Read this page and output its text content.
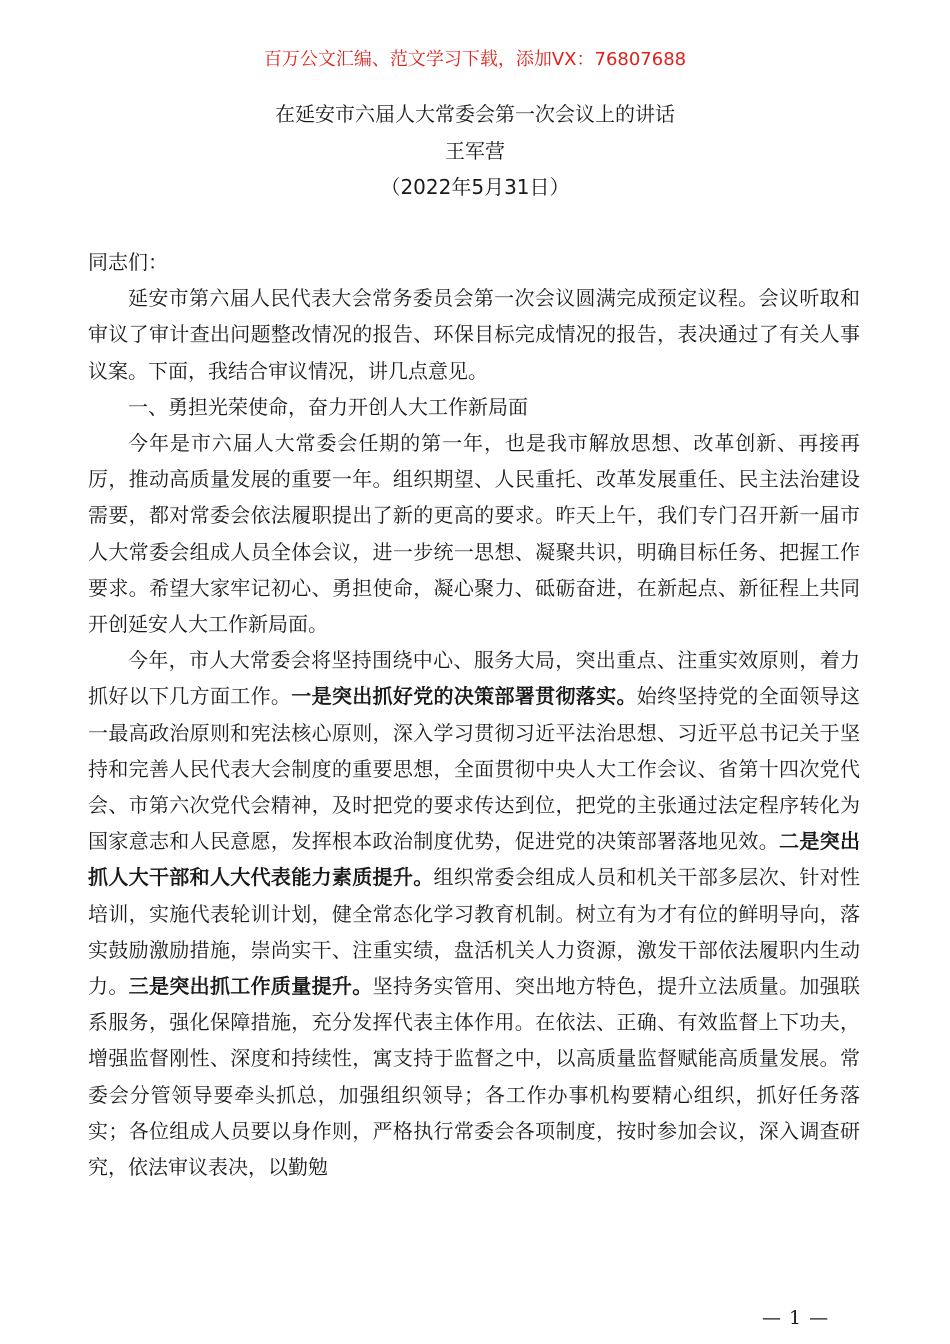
百万公文汇编、范文学习下载，添加VX：76807688
在延安市六届人大常委会第一次会议上的讲话
王军营
（2022年5月31日）

同志们：

延安市第六届人民代表大会常务委员会第一次会议圆满完成预定议程。会议听取和审议了审计查出问题整改情况的报告、环保目标完成情况的报告，表决通过了有关人事议案。下面，我结合审议情况，讲几点意见。

一、勇担光荣使命，奋力开创人大工作新局面

今年是市六届人大常委会任期的第一年，也是我市解放思想、改革创新、再接再厉，推动高质量发展的重要一年。组织期望、人民重托、改革发展重任、民主法治建设需要，都对常委会依法履职提出了新的更高的要求。昨天上午，我们专门召开新一届市人大常委会组成人员全体会议，进一步统一思想、凝聚共识，明确目标任务、把握工作要求。希望大家牢记初心、勇担使命，凝心聚力、砥砺奋进，在新起点、新征程上共同开创延安人大工作新局面。

今年，市人大常委会将坚持围绕中心、服务大局，突出重点、注重实效原则，着力抓好以下几方面工作。一是突出抓好党的决策部署贯彻落实。始终坚持党的全面领导这一最高政治原则和宪法核心原则，深入学习贯彻习近平法治思想、习近平总书记关于坚持和完善人民代表大会制度的重要思想，全面贯彻中央人大工作会议、省第十四次党代会、市第六次党代会精神，及时把党的要求传达到位，把党的主张通过法定程序转化为国家意志和人民意愿，发挥根本政治制度优势，促进党的决策部署落地见效。二是突出抓人大干部和人大代表能力素质提升。组织常委会组成人员和机关干部多层次、针对性培训，实施代表轮训计划，健全常态化学习教育机制。树立有为才有位的鲜明导向，落实鼓励激励措施，崇尚实干、注重实绩，盘活机关人力资源，激发干部依法履职内生动力。三是突出抓工作质量提升。坚持务实管用、突出地方特色，提升立法质量。加强联系服务，强化保障措施，充分发挥代表主体作用。在依法、正确、有效监督上下功夫，增强监督刚性、深度和持续性，寓支持于监督之中，以高质量监督赋能高质量发展。常委会分管领导要牵头抓总，加强组织领导；各工作办事机构要精心组织，抓好任务落实；各位组成人员要以身作则，严格执行常委会各项制度，按时参加会议，深入调查研究，依法审议表决，以勤勉

— 1 —
